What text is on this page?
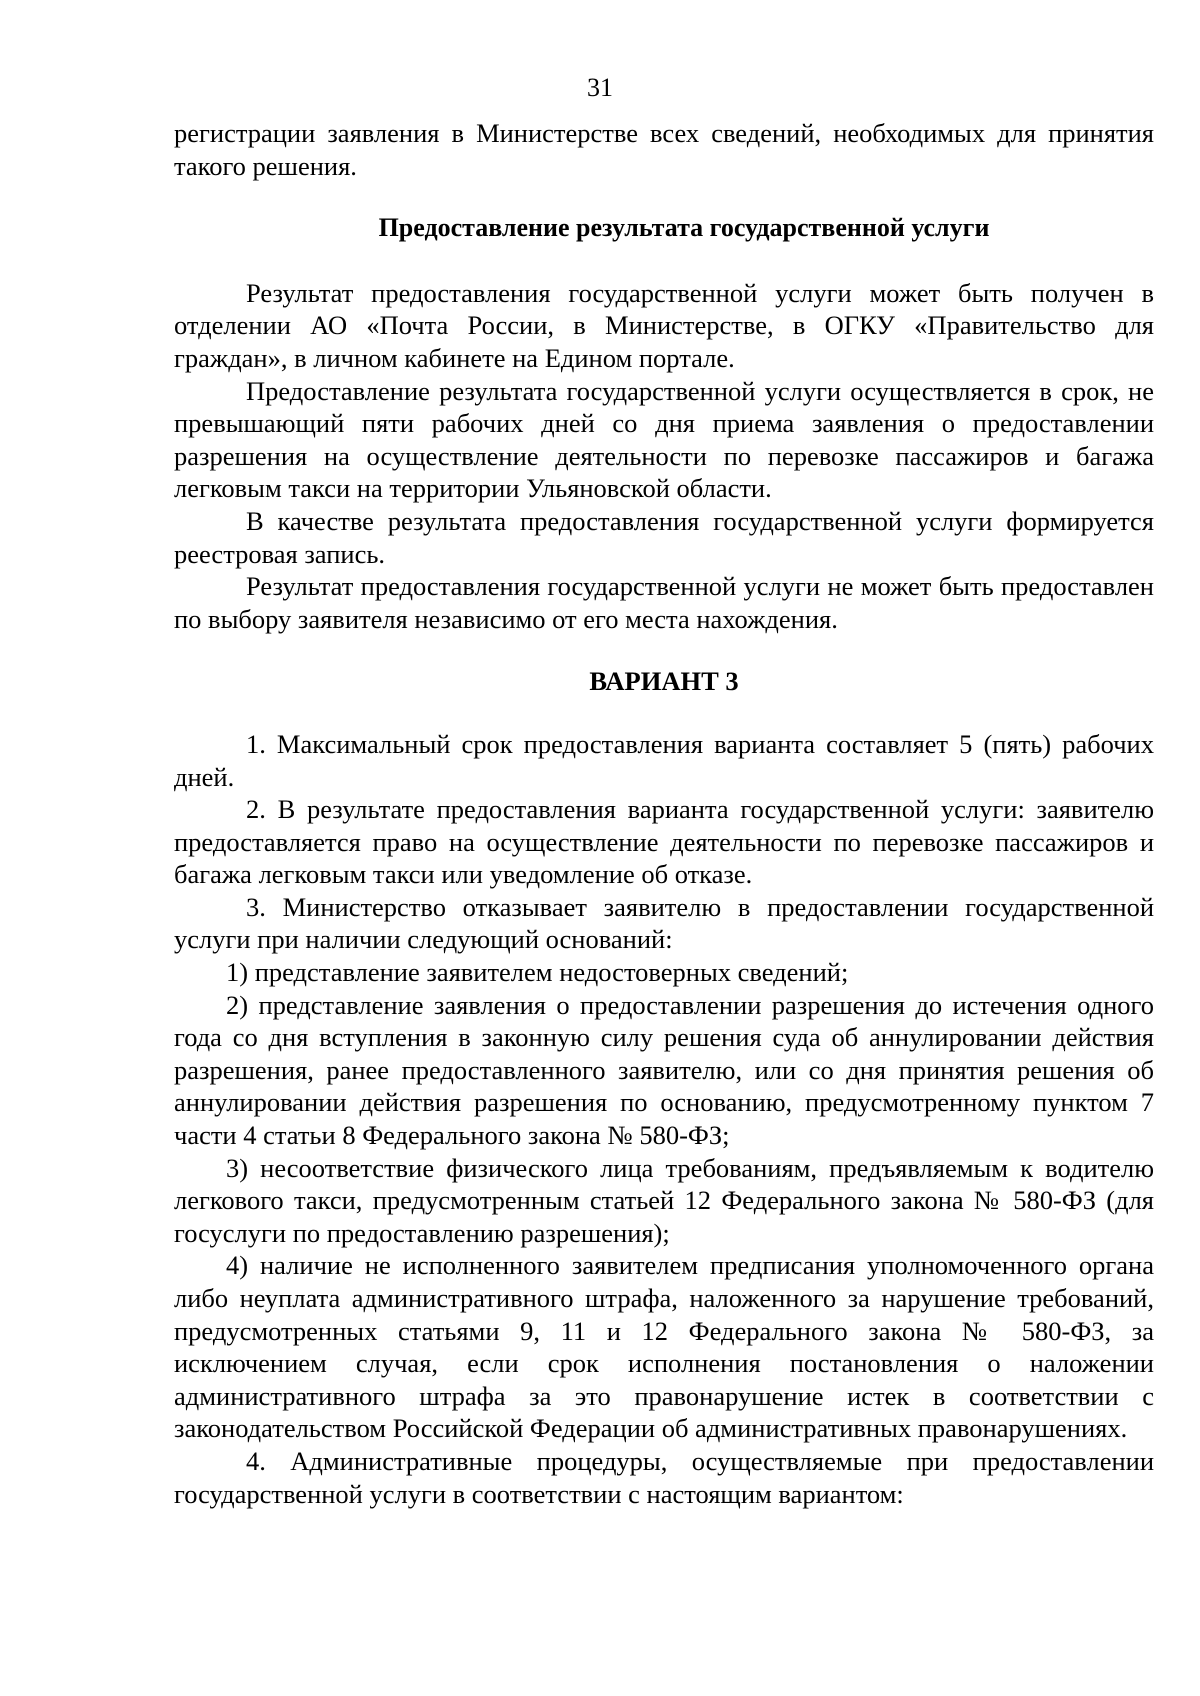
31

регистрации заявления в Министерстве всех сведений, необходимых для принятия такого решения.

Предоставление результата государственной услуги

Результат предоставления государственной услуги может быть получен в отделении АО «Почта России, в Министерстве, в ОГКУ «Правительство для граждан», в личном кабинете на Едином портале.

Предоставление результата государственной услуги осуществляется в срок, не превышающий пяти рабочих дней со дня приема заявления о предоставлении разрешения на осуществление деятельности по перевозке пассажиров и багажа легковым такси на территории Ульяновской области.

В качестве результата предоставления государственной услуги формируется реестровая запись.

Результат предоставления государственной услуги не может быть предоставлен по выбору заявителя независимо от его места нахождения.

ВАРИАНТ 3

1. Максимальный срок предоставления варианта составляет 5 (пять) рабочих дней.

2. В результате предоставления варианта государственной услуги: заявителю предоставляется право на осуществление деятельности по перевозке пассажиров и багажа легковым такси или уведомление об отказе.

3. Министерство отказывает заявителю в предоставлении государственной услуги при наличии следующий оснований:

1) представление заявителем недостоверных сведений;

2) представление заявления о предоставлении разрешения до истечения одного года со дня вступления в законную силу решения суда об аннулировании действия разрешения, ранее предоставленного заявителю, или со дня принятия решения об аннулировании действия разрешения по основанию, предусмотренному пунктом 7 части 4 статьи 8 Федерального закона № 580-ФЗ;

3) несоответствие физического лица требованиям, предъявляемым к водителю легкового такси, предусмотренным статьей 12 Федерального закона № 580-ФЗ (для госуслуги по предоставлению разрешения);

4) наличие не исполненного заявителем предписания уполномоченного органа либо неуплата административного штрафа, наложенного за нарушение требований, предусмотренных статьями 9, 11 и 12 Федерального закона № 580-ФЗ, за исключением случая, если срок исполнения постановления о наложении административного штрафа за это правонарушение истек в соответствии с законодательством Российской Федерации об административных правонарушениях.

4. Административные процедуры, осуществляемые при предоставлении государственной услуги в соответствии с настоящим вариантом:
